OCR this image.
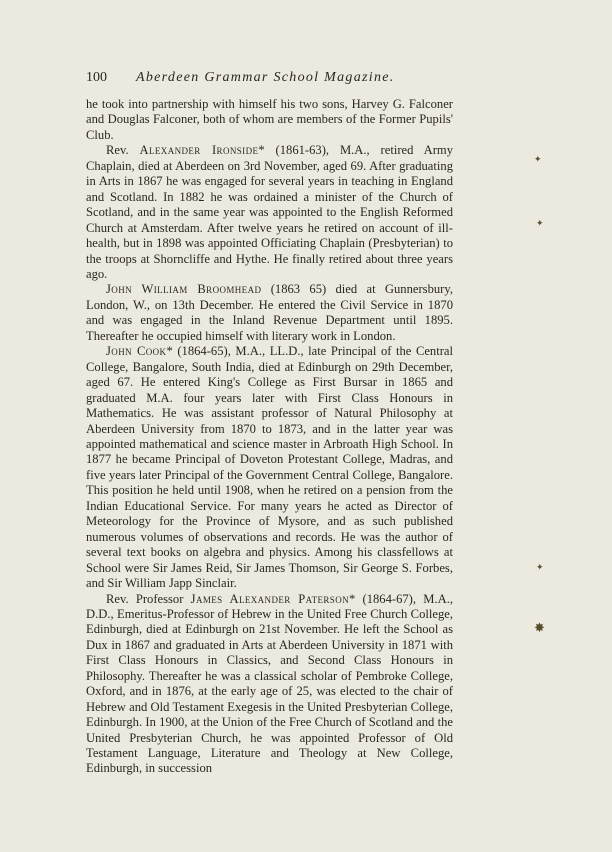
100 Aberdeen Grammar School Magazine.

he took into partnership with himself his two sons, Harvey G. Falconer and Douglas Falconer, both of whom are members of the Former Pupils' Club.

Rev. Alexander Ironside* (1861-63), M.A., retired Army Chaplain, died at Aberdeen on 3rd November, aged 69. After graduating in Arts in 1867 he was engaged for several years in teaching in England and Scotland. In 1882 he was ordained a minister of the Church of Scotland, and in the same year was appointed to the English Reformed Church at Amsterdam. After twelve years he retired on account of ill-health, but in 1898 was appointed Officiating Chaplain (Presbyterian) to the troops at Shorncliffe and Hythe. He finally retired about three years ago.

John William Broomhead (1863 65) died at Gunnersbury, London, W., on 13th December. He entered the Civil Service in 1870 and was engaged in the Inland Revenue Department until 1895. Thereafter he occupied himself with literary work in London.

John Cook* (1864-65), M.A., LL.D., late Principal of the Central College, Bangalore, South India, died at Edinburgh on 29th December, aged 67. He entered King's College as First Bursar in 1865 and graduated M.A. four years later with First Class Honours in Mathematics. He was assistant professor of Natural Philosophy at Aberdeen University from 1870 to 1873, and in the latter year was appointed mathematical and science master in Arbroath High School. In 1877 he became Principal of Doveton Protestant College, Madras, and five years later Principal of the Government Central College, Bangalore. This position he held until 1908, when he retired on a pension from the Indian Educational Service. For many years he acted as Director of Meteorology for the Province of Mysore, and as such published numerous volumes of observations and records. He was the author of several text books on algebra and physics. Among his classfellows at School were Sir James Reid, Sir James Thomson, Sir George S. Forbes, and Sir William Japp Sinclair.

Rev. Professor James Alexander Paterson* (1864-67), M.A., D.D., Emeritus-Professor of Hebrew in the United Free Church College, Edinburgh, died at Edinburgh on 21st November. He left the School as Dux in 1867 and graduated in Arts at Aberdeen University in 1871 with First Class Honours in Classics, and Second Class Honours in Philosophy. Thereafter he was a classical scholar of Pembroke College, Oxford, and in 1876, at the early age of 25, was elected to the chair of Hebrew and Old Testament Exegesis in the United Presbyterian College, Edinburgh. In 1900, at the Union of the Free Church of Scotland and the United Presbyterian Church, he was appointed Professor of Old Testament Language, Literature and Theology at New College, Edinburgh, in succession

✦
✦
✦
✸
